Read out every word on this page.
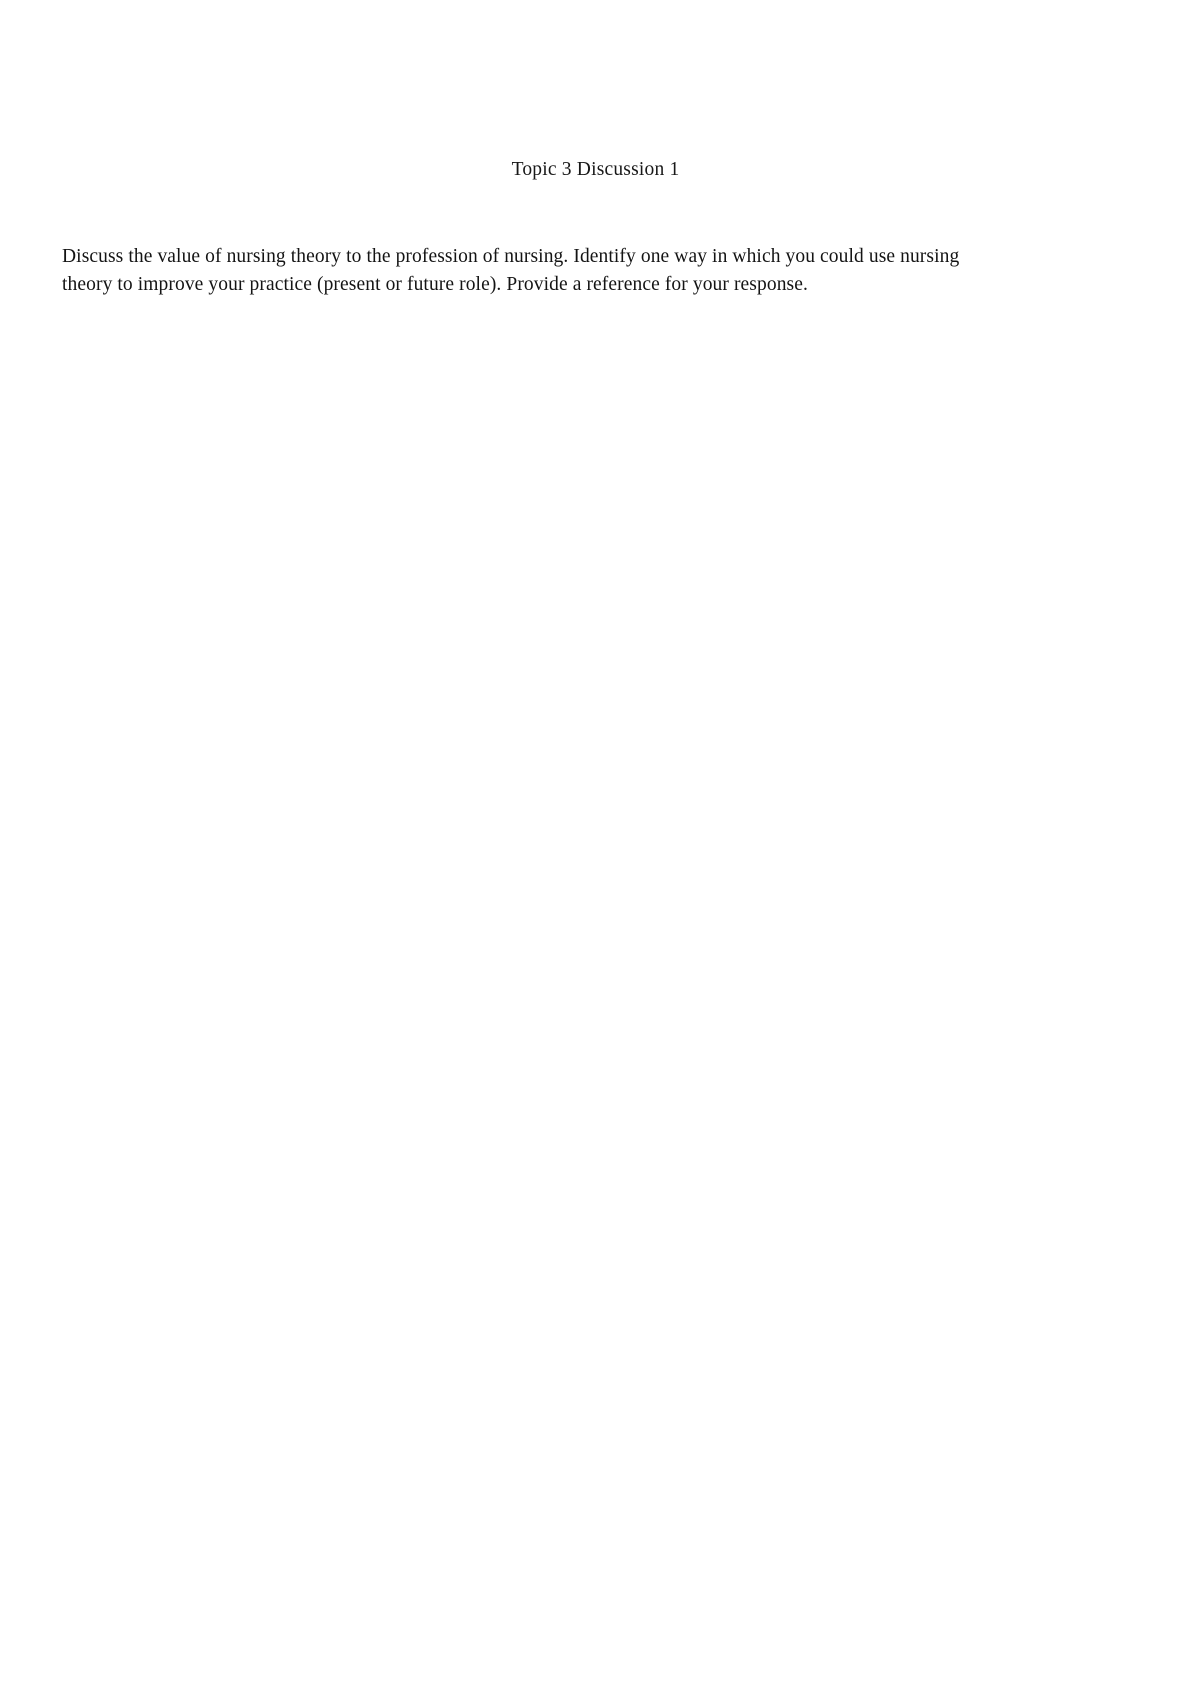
Topic 3 Discussion 1
Discuss the value of nursing theory to the profession of nursing. Identify one way in which you could use nursing theory to improve your practice (present or future role). Provide a reference for your response.
